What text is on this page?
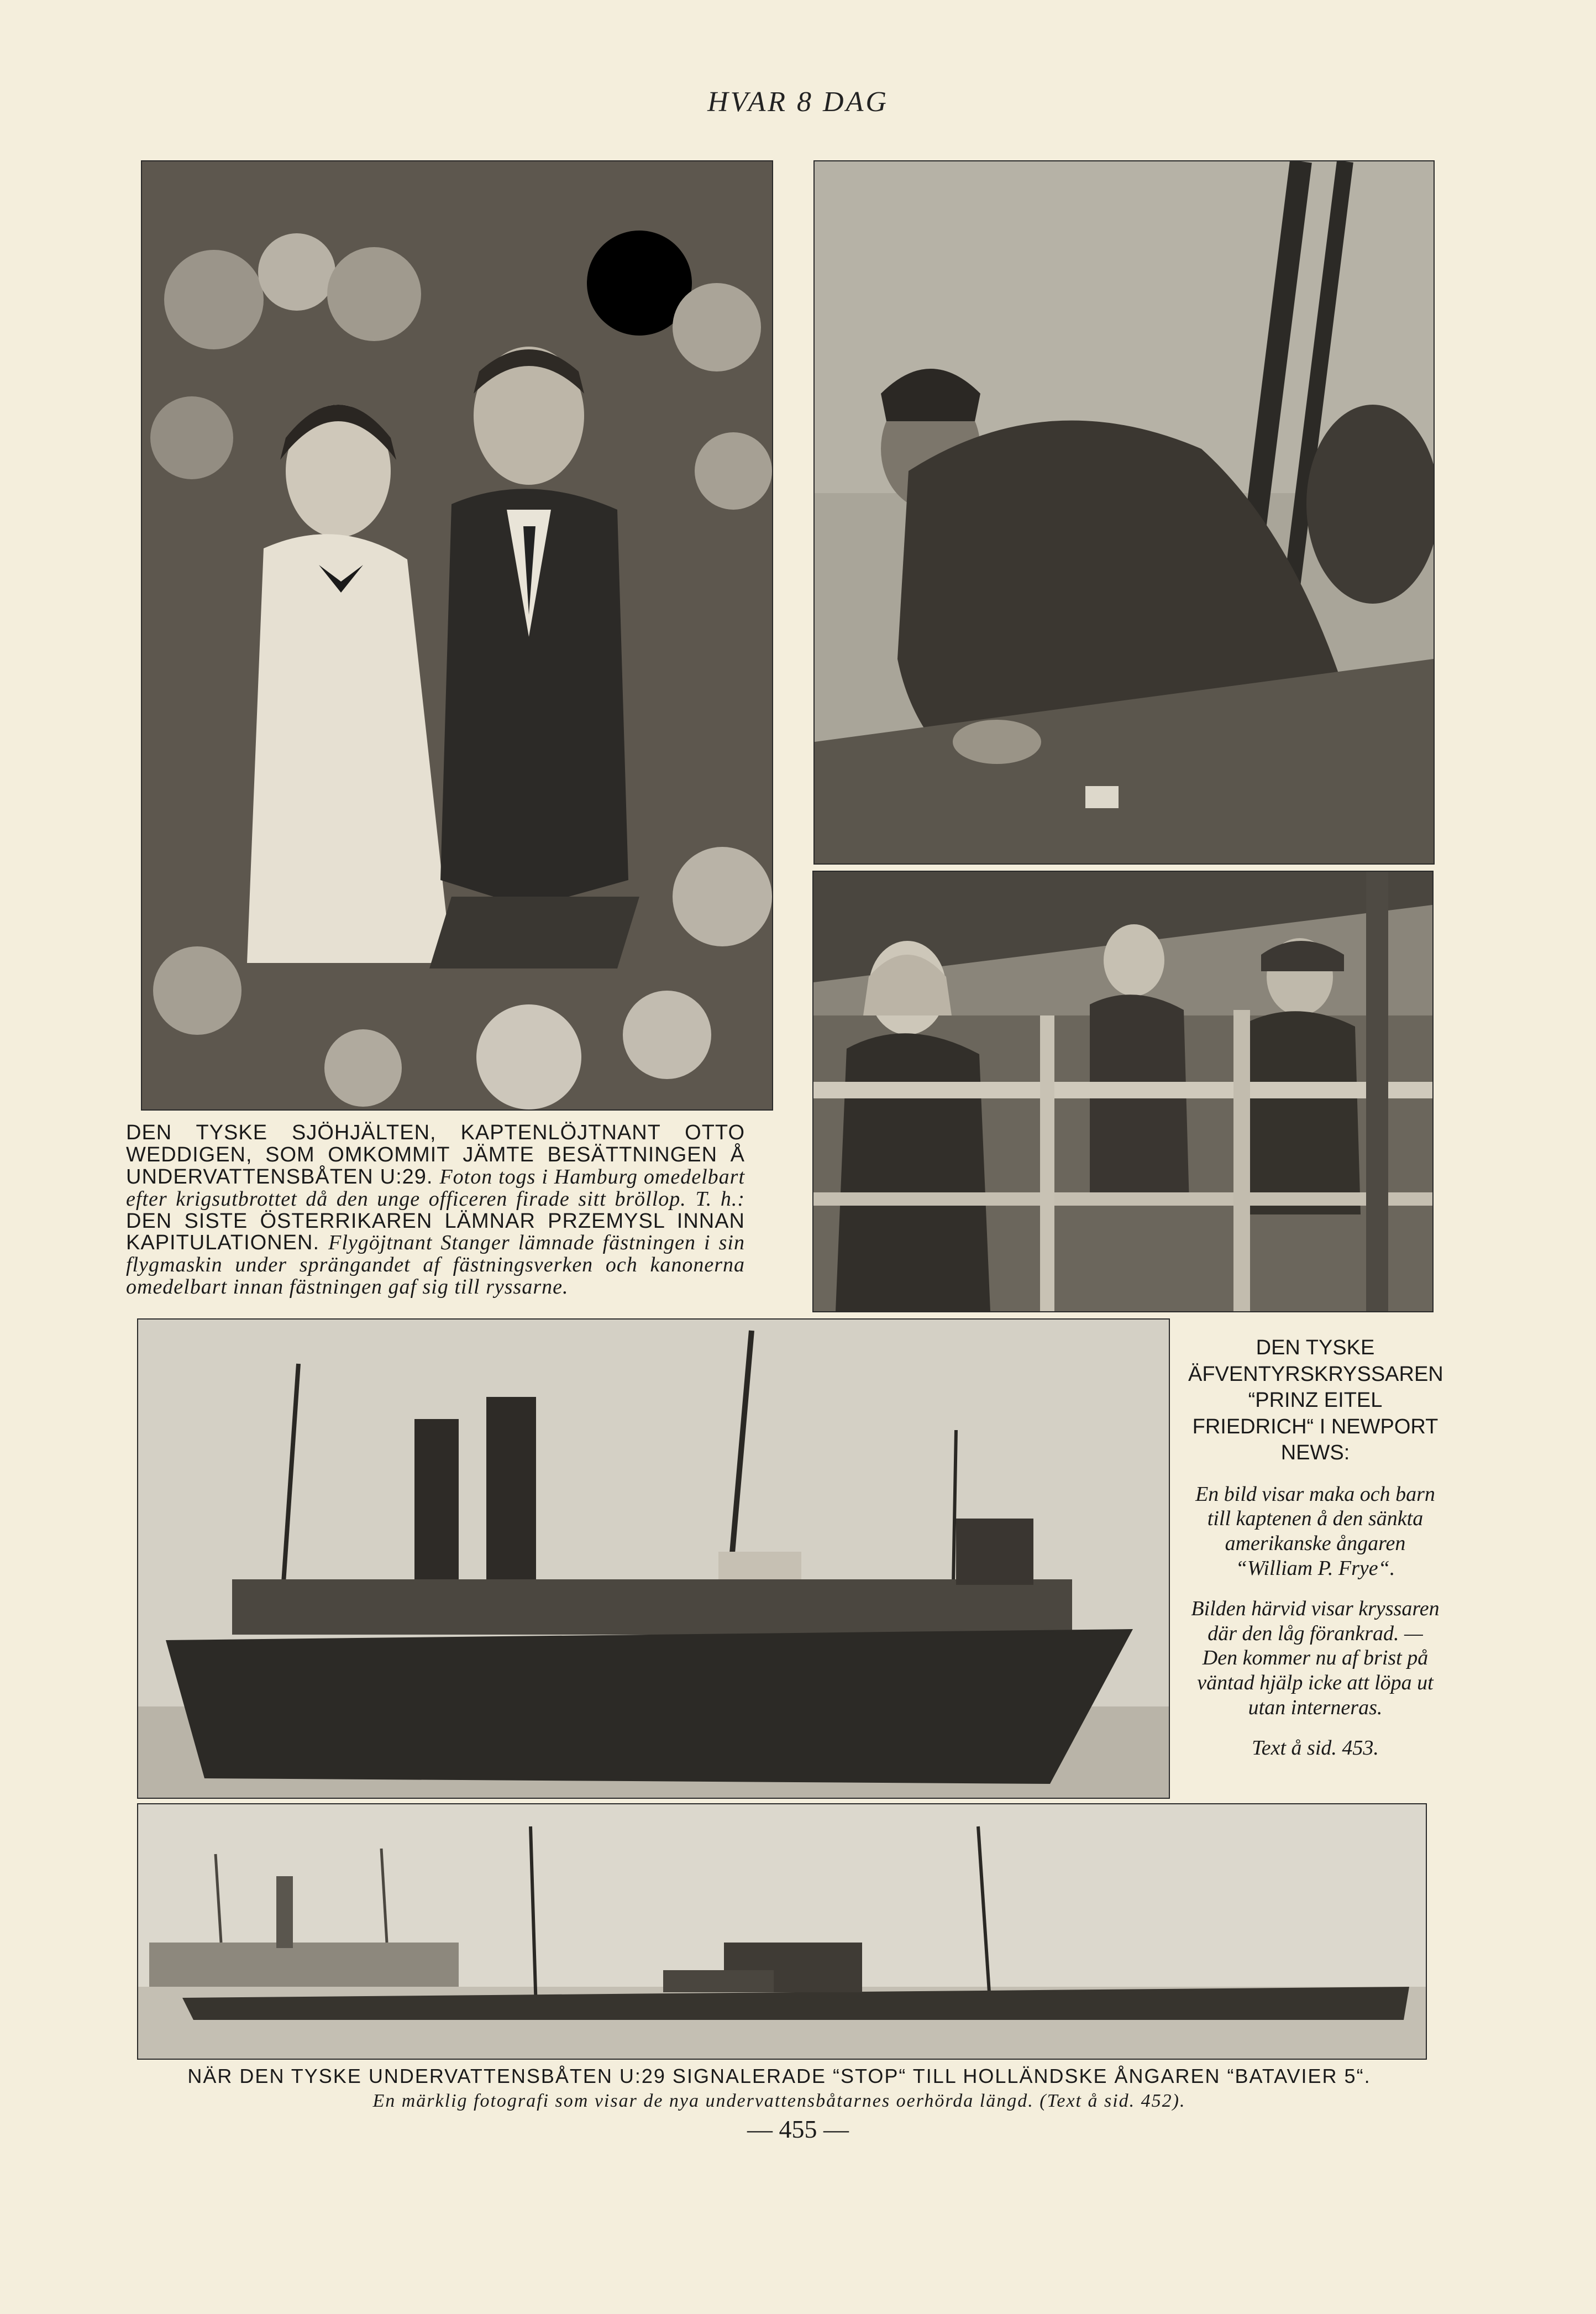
HVAR 8 DAG
DEN TYSKE SJÖHJÄLTEN, KAPTENLÖJTNANT OTTO WEDDIGEN, SOM OMKOMMIT JÄMTE BESÄTTNINGEN Å UNDERVATTENSBÅTEN U:29. Foton togs i Hamburg omedelbart efter krigsutbrottet då den unge officeren firade sitt bröllop. T. h.: DEN SISTE ÖSTERRIKAREN LÄMNAR PRZEMYSL INNAN KAPITULATIONEN. Flygöjtnant Stanger lämnade fästningen i sin flygmaskin under sprängandet af fästningsverken och kanonerna omedelbart innan fästningen gaf sig till ryssarne.
DEN TYSKE ÄFVENTYRSKRYSSAREN “PRINZ EITEL FRIEDRICH“ I NEWPORT NEWS:
En bild visar maka och barn till kaptenen å den sänkta amerikanske ångaren “William P. Frye“.
Bilden härvid visar kryssaren där den låg förankrad. — Den kommer nu af brist på väntad hjälp icke att löpa ut utan interneras.
Text å sid. 453.
NÄR DEN TYSKE UNDERVATTENSBÅTEN U:29 SIGNALERADE “STOP“ TILL HOLLÄNDSKE ÅNGAREN “BATAVIER 5“.
En märklig fotografi som visar de nya undervattensbåtarnes oerhörda längd. (Text å sid. 452).
— 455 —
